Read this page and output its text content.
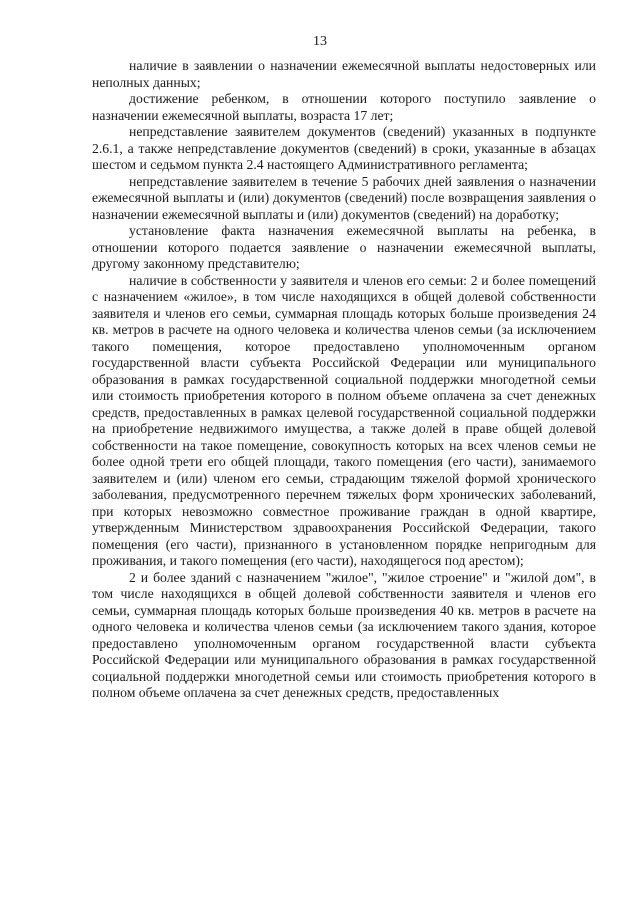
13

наличие в заявлении о назначении ежемесячной выплаты недостоверных или неполных данных;

достижение ребенком, в отношении которого поступило заявление о назначении ежемесячной выплаты, возраста 17 лет;

непредставление заявителем документов (сведений) указанных в подпункте 2.6.1, а также непредставление документов (сведений) в сроки, указанные в абзацах шестом и седьмом пункта 2.4 настоящего Административного регламента;

непредставление заявителем в течение 5 рабочих дней заявления о назначении ежемесячной выплаты и (или) документов (сведений) после возвращения заявления о назначении ежемесячной выплаты и (или) документов (сведений) на доработку;

установление факта назначения ежемесячной выплаты на ребенка, в отношении которого подается заявление о назначении ежемесячной выплаты, другому законному представителю;

наличие в собственности у заявителя и членов его семьи: 2 и более помещений с назначением «жилое», в том числе находящихся в общей долевой собственности заявителя и членов его семьи, суммарная площадь которых больше произведения 24 кв. метров в расчете на одного человека и количества членов семьи (за исключением такого помещения, которое предоставлено уполномоченным органом государственной власти субъекта Российской Федерации или муниципального образования в рамках государственной социальной поддержки многодетной семьи или стоимость приобретения которого в полном объеме оплачена за счет денежных средств, предоставленных в рамках целевой государственной социальной поддержки на приобретение недвижимого имущества, а также долей в праве общей долевой собственности на такое помещение, совокупность которых на всех членов семьи не более одной трети его общей площади, такого помещения (его части), занимаемого заявителем и (или) членом его семьи, страдающим тяжелой формой хронического заболевания, предусмотренного перечнем тяжелых форм хронических заболеваний, при которых невозможно совместное проживание граждан в одной квартире, утвержденным Министерством здравоохранения Российской Федерации, такого помещения (его части), признанного в установленном порядке непригодным для проживания, и такого помещения (его части), находящегося под арестом);

2 и более зданий с назначением "жилое", "жилое строение" и "жилой дом", в том числе находящихся в общей долевой собственности заявителя и членов его семьи, суммарная площадь которых больше произведения 40 кв. метров в расчете на одного человека и количества членов семьи (за исключением такого здания, которое предоставлено уполномоченным органом государственной власти субъекта Российской Федерации или муниципального образования в рамках государственной социальной поддержки многодетной семьи или стоимость приобретения которого в полном объеме оплачена за счет денежных средств, предоставленных
